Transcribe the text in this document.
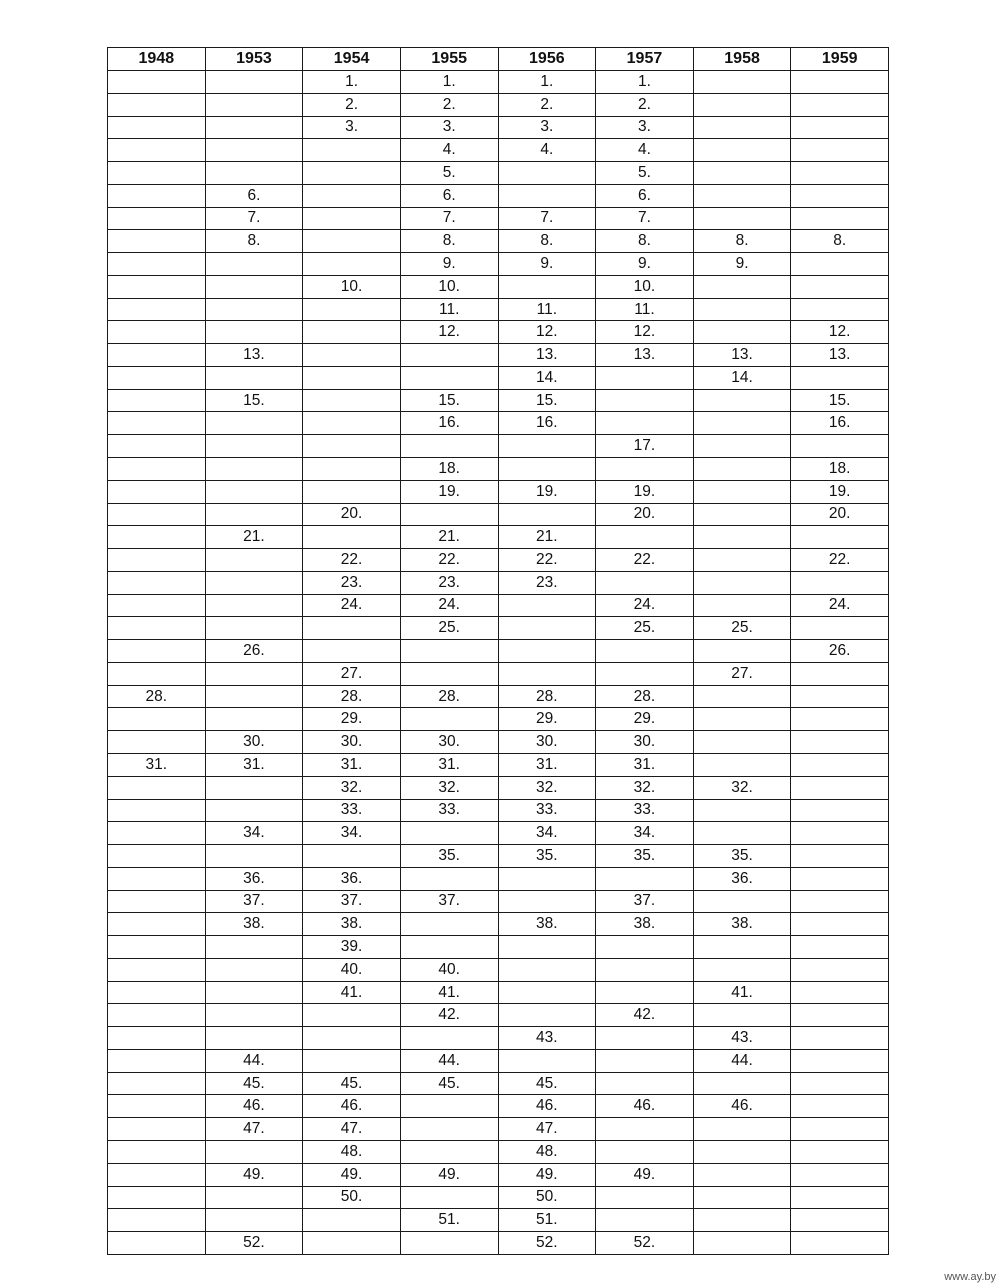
1948	1953	1954	1955	1956	1957	1958	1959
		1.	1.	1.	1.		
		2.	2.	2.	2.		
		3.	3.	3.	3.		
			4.	4.	4.		
			5.		5.		
	6.		6.		6.		
	7.		7.	7.	7.		
	8.		8.	8.	8.	8.	8.
			9.	9.	9.	9.	
		10.	10.		10.		
			11.	11.	11.		
			12.	12.	12.		12.
	13.			13.	13.	13.	13.
				14.		14.	
	15.		15.	15.			15.
			16.	16.			16.
					17.		
			18.				18.
			19.	19.	19.		19.
		20.			20.		20.
	21.		21.	21.			
		22.	22.	22.	22.		22.
		23.	23.	23.			
		24.	24.		24.		24.
			25.		25.	25.	
	26.						26.
		27.				27.	
28.		28.	28.	28.	28.		
		29.		29.	29.		
	30.	30.	30.	30.	30.		
31.	31.	31.	31.	31.	31.		
		32.	32.	32.	32.	32.	
		33.	33.	33.	33.		
	34.	34.		34.	34.		
			35.	35.	35.	35.	
	36.	36.				36.	
	37.	37.	37.		37.		
	38.	38.		38.	38.	38.	
		39.					
		40.	40.				
		41.	41.			41.	
			42.		42.		
				43.		43.	
	44.		44.			44.	
	45.	45.	45.	45.			
	46.	46.		46.	46.	46.	
	47.	47.		47.			
		48.		48.			
	49.	49.	49.	49.	49.		
		50.		50.			
			51.	51.			
	52.			52.	52.		
www.ay.by
